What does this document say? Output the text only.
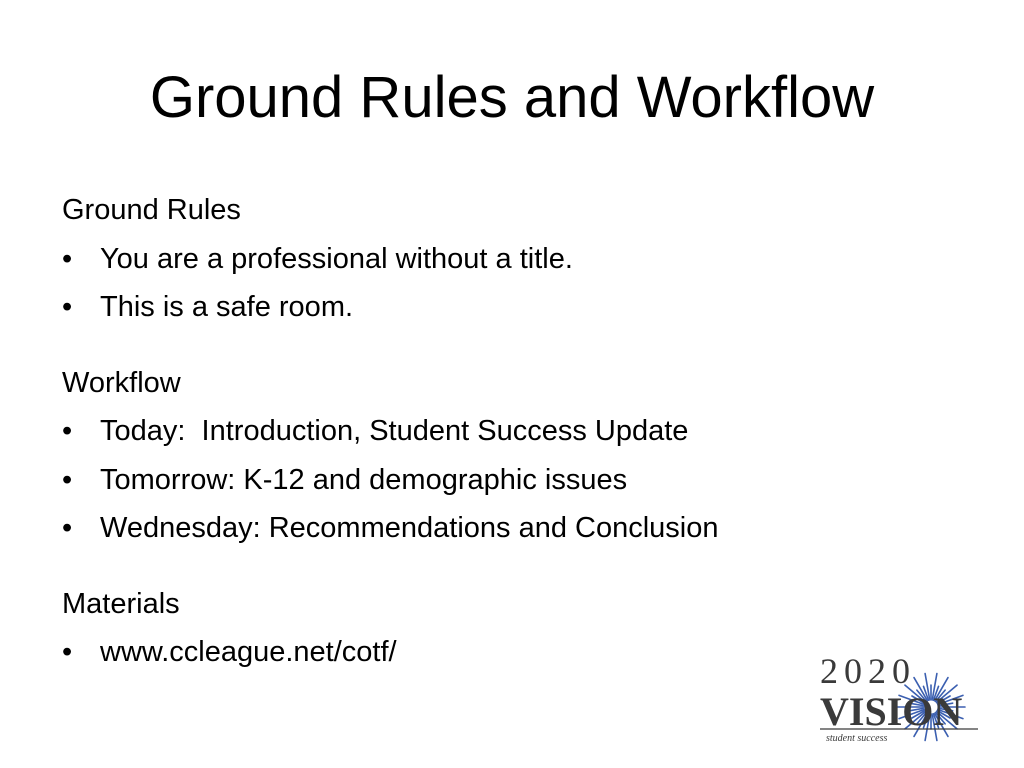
Ground Rules and Workflow

Ground Rules

• You are a professional without a title.
• This is a safe room.

Workflow

• Today:  Introduction, Student Success Update
• Tomorrow: K-12 and demographic issues
• Wednesday: Recommendations and Conclusion

Materials

• www.ccleague.net/cotf/	2020
VISION
student success
